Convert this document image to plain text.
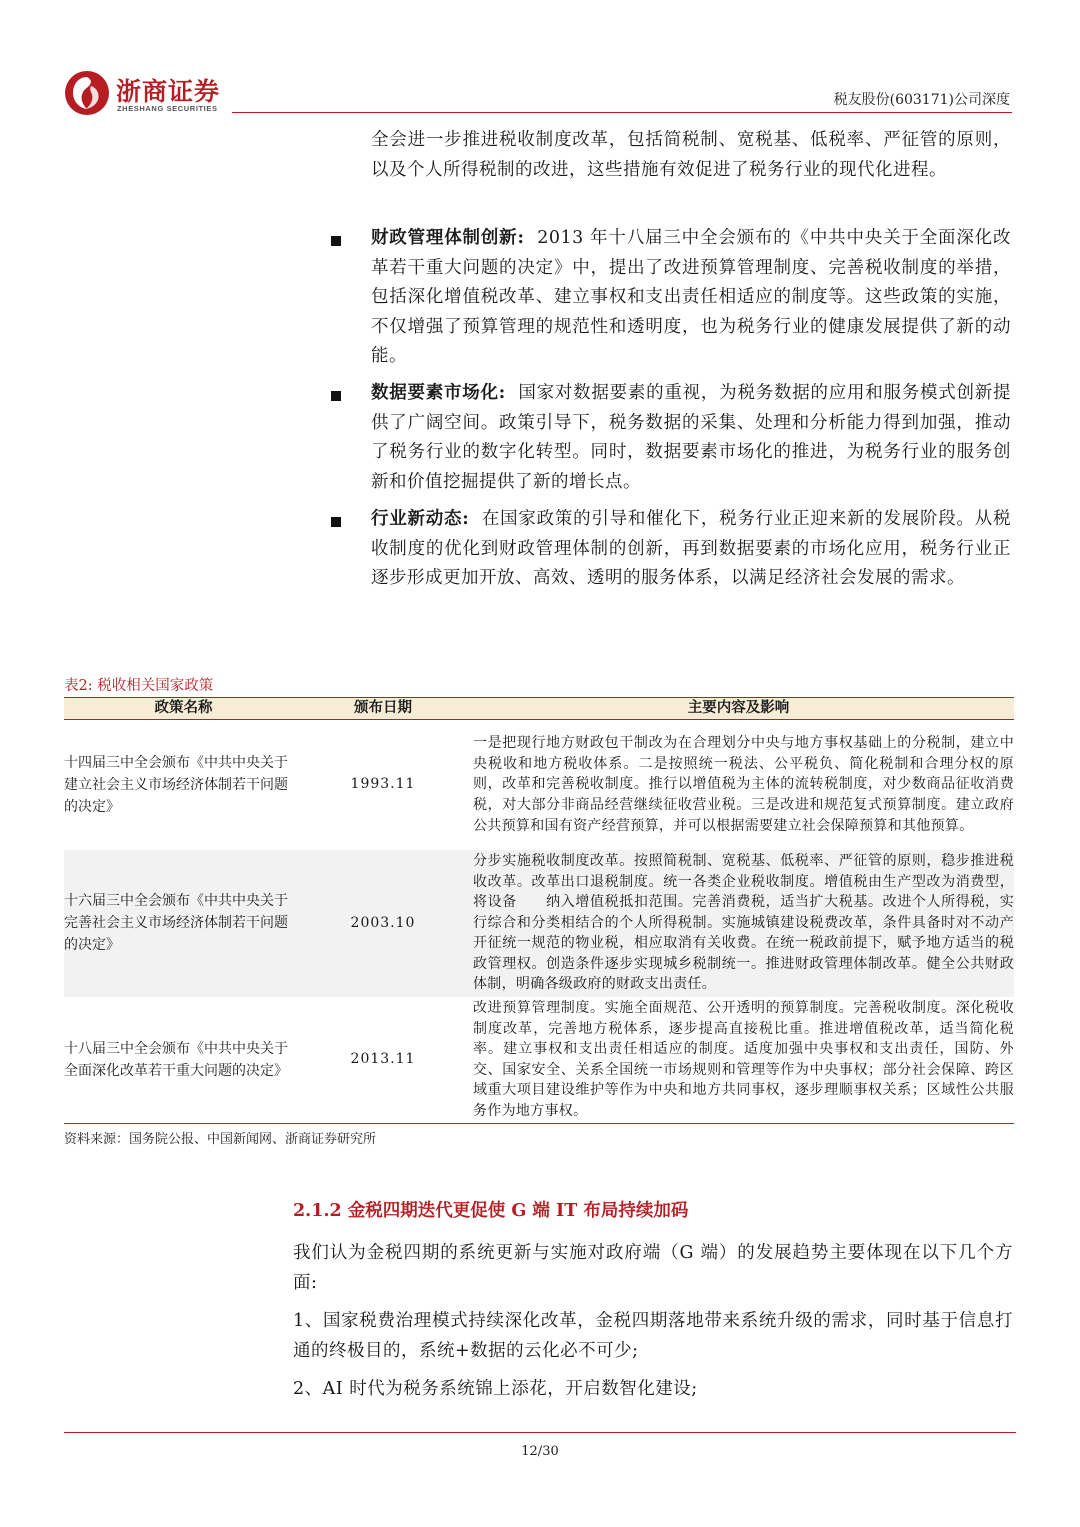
浙商证券
ZHESHANG SECURITIES
税友股份(603171)公司深度
全会进一步推进税收制度改革，包括简税制、宽税基、低税率、严征管的原则，以及个人所得税制的改进，这些措施有效促进了税务行业的现代化进程。
财政管理体制创新: 2013 年十八届三中全会颁布的《中共中央关于全面深化改革若干重大问题的决定》中，提出了改进预算管理制度、完善税收制度的举措，包括深化增值税改革、建立事权和支出责任相适应的制度等。这些政策的实施，不仅增强了预算管理的规范性和透明度，也为税务行业的健康发展提供了新的动能。
数据要素市场化: 国家对数据要素的重视，为税务数据的应用和服务模式创新提供了广阔空间。政策引导下，税务数据的采集、处理和分析能力得到加强，推动了税务行业的数字化转型。同时，数据要素市场化的推进，为税务行业的服务创新和价值挖掘提供了新的增长点。
行业新动态: 在国家政策的引导和催化下，税务行业正迎来新的发展阶段。从税收制度的优化到财政管理体制的创新，再到数据要素的市场化应用，税务行业正逐步形成更加开放、高效、透明的服务体系，以满足经济社会发展的需求。
表2: 税收相关国家政策
政策名称	颁布日期	主要内容及影响
十四届三中全会颁布《中共中央关于建立社会主义市场经济体制若干问题的决定》	1993.11	一是把现行地方财政包干制改为在合理划分中央与地方事权基础上的分税制，建立中央税收和地方税收体系。二是按照统一税法、公平税负、简化税制和合理分权的原则，改革和完善税收制度。推行以增值税为主体的流转税制度，对少数商品征收消费税，对大部分非商品经营继续征收营业税。三是改进和规范复式预算制度。建立政府公共预算和国有资产经营预算，并可以根据需要建立社会保障预算和其他预算。
十六届三中全会颁布《中共中央关于完善社会主义市场经济体制若干问题的决定》	2003.10	分步实施税收制度改革。按照简税制、宽税基、低税率、严征管的原则，稳步推进税收改革。改革出口退税制度。统一各类企业税收制度。增值税由生产型改为消费型，将设备　　纳入增值税抵扣范围。完善消费税，适当扩大税基。改进个人所得税，实行综合和分类相结合的个人所得税制。实施城镇建设税费改革，条件具备时对不动产开征统一规范的物业税，相应取消有关收费。在统一税政前提下，赋予地方适当的税政管理权。创造条件逐步实现城乡税制统一。推进财政管理体制改革。健全公共财政体制，明确各级政府的财政支出责任。
十八届三中全会颁布《中共中央关于全面深化改革若干重大问题的决定》	2013.11	改进预算管理制度。实施全面规范、公开透明的预算制度。完善税收制度。深化税收制度改革，完善地方税体系，逐步提高直接税比重。推进增值税改革，适当简化税率。建立事权和支出责任相适应的制度。适度加强中央事权和支出责任，国防、外交、国家安全、关系全国统一市场规则和管理等作为中央事权；部分社会保障、跨区域重大项目建设维护等作为中央和地方共同事权，逐步理顺事权关系；区域性公共服务作为地方事权。
资料来源：国务院公报、中国新闻网、浙商证券研究所
2.1.2 金税四期迭代更促使 G 端 IT 布局持续加码
我们认为金税四期的系统更新与实施对政府端（G 端）的发展趋势主要体现在以下几个方面:
1、国家税费治理模式持续深化改革，金税四期落地带来系统升级的需求，同时基于信息打通的终极目的，系统+数据的云化必不可少;
2、AI 时代为税务系统锦上添花，开启数智化建设;
12/30
